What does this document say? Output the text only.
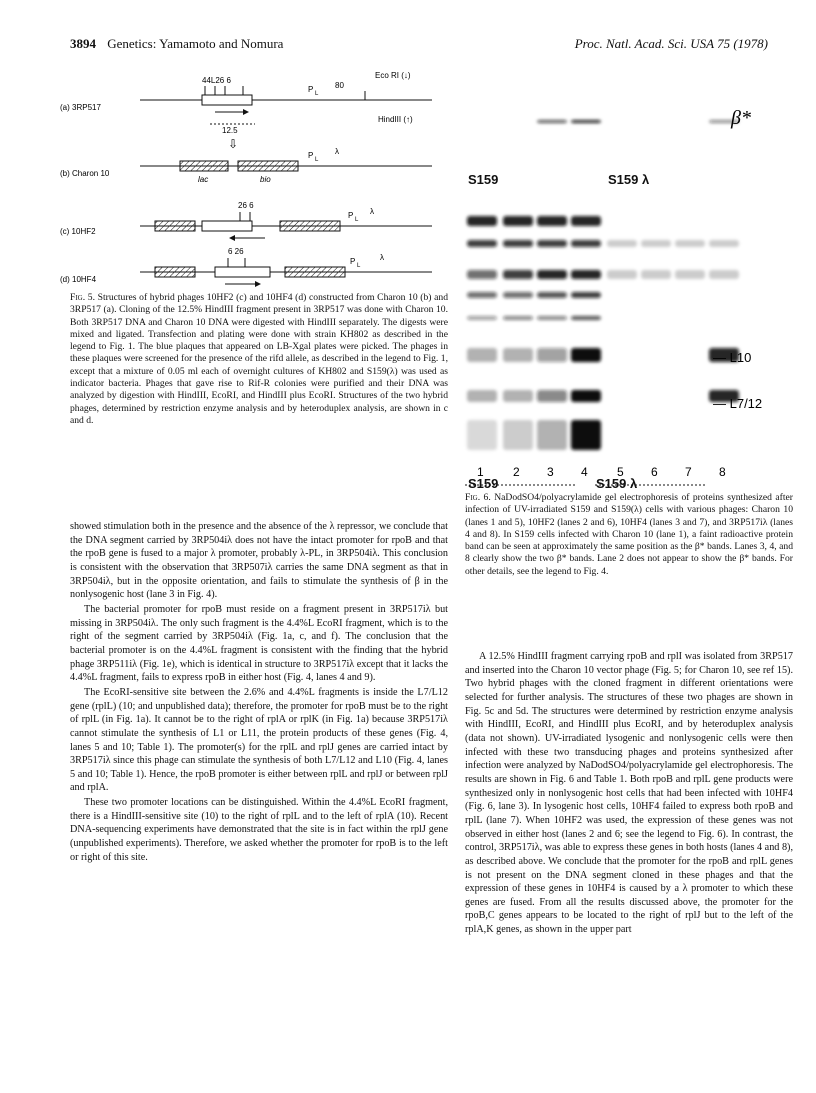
3894 Genetics: Yamamoto and Nomura	Proc. Natl. Acad. Sci. USA 75 (1978)
44L26 6
P L
80
Eco RI (↓)
HindIII (↑)
12.5
(a) 3RP517
⇩
lac	bio
P L
λ
(b) Charon 10
26 6
P L
λ
(c) 10HF2
6 26
P L
λ
(d) 10HF4
Fig. 5. Structures of hybrid phages 10HF2 (c) and 10HF4 (d) constructed from Charon 10 (b) and 3RP517 (a). Cloning of the 12.5% HindIII fragment present in 3RP517 was done with Charon 10. Both 3RP517 DNA and Charon 10 DNA were digested with HindIII separately. The digests were mixed and ligated. Transfection and plating were done with strain KH802 as described in the legend to Fig. 1. The blue plaques that appeared on LB-Xgal plates were picked. The phages in these plaques were screened for the presence of the rifd allele, as described in the legend to Fig. 1, except that a mixture of 0.05 ml each of overnight cultures of KH802 and S159(λ) was used as indicator bacteria. Phages that gave rise to Rif-R colonies were purified and their DNA was analyzed by digestion with HindIII, EcoRI, and HindIII plus EcoRI. Structures of the two hybrid phages, determined by restriction enzyme analysis and by heteroduplex analysis, are shown in c and d.
β*
— L10
— L7/12
1 2 3 4 5 6 7 8
S159	S159 λ
S159	S159 λ
Fig. 6. NaDodSO4/polyacrylamide gel electrophoresis of proteins synthesized after infection of UV-irradiated S159 and S159(λ) cells with various phages: Charon 10 (lanes 1 and 5), 10HF2 (lanes 2 and 6), 10HF4 (lanes 3 and 7), and 3RP517iλ (lanes 4 and 8). In S159 cells infected with Charon 10 (lane 1), a faint radioactive protein band can be seen at approximately the same position as the β* bands. Lanes 3, 4, and 8 clearly show the two β* bands. Lane 2 does not appear to show the β* bands. For other details, see the legend to Fig. 4.

showed stimulation both in the presence and the absence of the λ repressor, we conclude that the DNA segment carried by 3RP504iλ does not have the intact promoter for rpoB and that the rpoB gene is fused to a major λ promoter, probably λ-PL, in 3RP504iλ. This conclusion is consistent with the observation that 3RP507iλ carries the same DNA segment as that in 3RP504iλ, but in the opposite orientation, and fails to stimulate the synthesis of β in the nonlysogenic host (lane 3 in Fig. 4).

The bacterial promoter for rpoB must reside on a fragment present in 3RP517iλ but missing in 3RP504iλ. The only such fragment is the 4.4%L EcoRI fragment, which is to the right of the segment carried by 3RP504iλ (Fig. 1a, c, and f). The conclusion that the bacterial promoter is on the 4.4%L fragment is consistent with the finding that the hybrid phage 3RP511iλ (Fig. 1e), which is identical in structure to 3RP517iλ except that it lacks the 4.4%L fragment, fails to express rpoB in either host (Fig. 4, lanes 4 and 9).

The EcoRI-sensitive site between the 2.6% and 4.4%L fragments is inside the L7/L12 gene (rplL) (10; and unpublished data); therefore, the promoter for rpoB must be to the right of rplL (in Fig. 1a). It cannot be to the right of rplA or rplK (in Fig. 1a) because 3RP517iλ cannot stimulate the synthesis of L1 or L11, the protein products of these genes (Fig. 4, lanes 5 and 10; Table 1). The promoter(s) for the rplL and rplJ genes are carried intact by 3RP517iλ since this phage can stimulate the synthesis of both L7/L12 and L10 (Fig. 4, lanes 5 and 10; Table 1). Hence, the rpoB promoter is either between rplL and rplJ or between rplJ and rplA.

These two promoter locations can be distinguished. Within the 4.4%L EcoRI fragment, there is a HindIII-sensitive site (10) to the right of rplL and to the left of rplA (10). Recent DNA-sequencing experiments have demonstrated that the site is in fact within the rplJ gene (unpublished experiments). Therefore, we asked whether the promoter for rpoB is to the left or right of this site.

A 12.5% HindIII fragment carrying rpoB and rplI was isolated from 3RP517 and inserted into the Charon 10 vector phage (Fig. 5; for Charon 10, see ref 15). Two hybrid phages with the cloned fragment in different orientations were selected for further analysis. The structures of these two phages are shown in Fig. 5c and 5d. The structures were determined by restriction enzyme analysis with HindIII, EcoRI, and HindIII plus EcoRI, and by heteroduplex analysis (data not shown). UV-irradiated lysogenic and nonlysogenic cells were then infected with these two transducing phages and proteins synthesized after infection were analyzed by NaDodSO4/polyacrylamide gel electrophoresis. The results are shown in Fig. 6 and Table 1. Both rpoB and rplL gene products were synthesized only in nonlysogenic host cells that had been infected with 10HF4 (Fig. 6, lane 3). In lysogenic host cells, 10HF4 failed to express both rpoB and rplL (lane 7). When 10HF2 was used, the expression of these genes was not observed in either host (lanes 2 and 6; see the legend to Fig. 6). In contrast, the control, 3RP517iλ, was able to express these genes in both hosts (lanes 4 and 8), as described above. We conclude that the promoter for the rpoB and rplL genes is not present on the DNA segment cloned in these phages and that the expression of these genes in 10HF4 is caused by a λ promoter to which these genes are fused. From all the results discussed above, the promoter for the rpoB,C genes appears to be located to the right of rplJ but to the left of the rplA,K genes, as shown in the upper part
